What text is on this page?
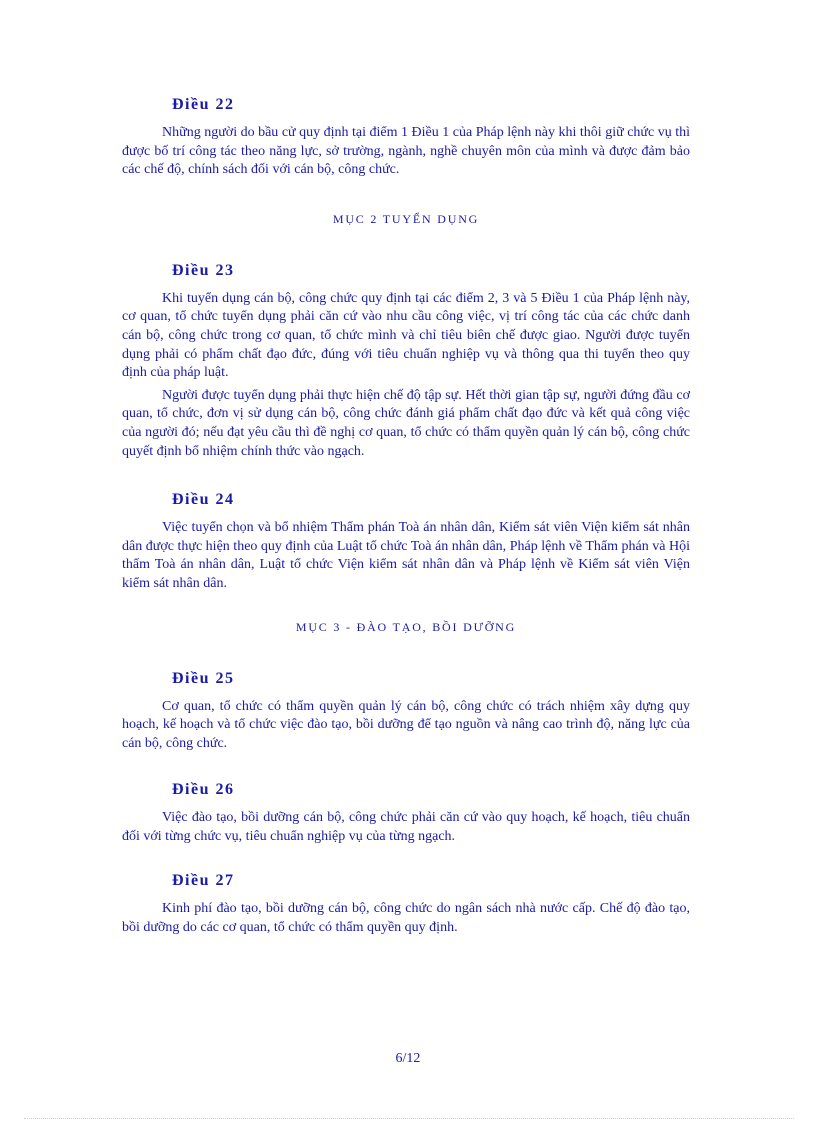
Điều 22

Những người do bầu cử quy định tại điểm 1 Điều 1 của Pháp lệnh này khi thôi giữ chức vụ thì được bố trí công tác theo năng lực, sở trường, ngành, nghề chuyên môn của mình và được đảm bảo các chế độ, chính sách đối với cán bộ, công chức.

MỤC 2 TUYỂN DỤNG
Điều 23

Khi tuyển dụng cán bộ, công chức quy định tại các điểm 2, 3 và 5 Điều 1 của Pháp lệnh này, cơ quan, tổ chức tuyển dụng phải căn cứ vào nhu cầu công việc, vị trí công tác của các chức danh cán bộ, công chức trong cơ quan, tổ chức mình và chỉ tiêu biên chế được giao. Người được tuyển dụng phải có phẩm chất đạo đức, đúng với tiêu chuẩn nghiệp vụ và thông qua thi tuyển theo quy định của pháp luật.

Người được tuyển dụng phải thực hiện chế độ tập sự. Hết thời gian tập sự, người đứng đầu cơ quan, tổ chức, đơn vị sử dụng cán bộ, công chức đánh giá phẩm chất đạo đức và kết quả công việc của người đó; nếu đạt yêu cầu thì đề nghị cơ quan, tổ chức có thẩm quyền quản lý cán bộ, công chức quyết định bổ nhiệm chính thức vào ngạch.

Điều 24

Việc tuyển chọn và bổ nhiệm Thẩm phán Toà án nhân dân, Kiểm sát viên Viện kiểm sát nhân dân được thực hiện theo quy định của Luật tổ chức Toà án nhân dân, Pháp lệnh về Thẩm phán và Hội thẩm Toà án nhân dân, Luật tổ chức Viện kiểm sát nhân dân và Pháp lệnh về Kiểm sát viên Viện kiểm sát nhân dân.

MỤC 3 - ĐÀO TẠO, BỒI DƯỠNG
Điều 25

Cơ quan, tổ chức có thẩm quyền quản lý cán bộ, công chức có trách nhiệm xây dựng quy hoạch, kế hoạch và tổ chức việc đào tạo, bồi dưỡng để tạo nguồn và nâng cao trình độ, năng lực của cán bộ, công chức.

Điều 26

Việc đào tạo, bồi dưỡng cán bộ, công chức phải căn cứ vào quy hoạch, kế hoạch, tiêu chuẩn đối với từng chức vụ, tiêu chuẩn nghiệp vụ của từng ngạch.

Điều 27

Kinh phí đào tạo, bồi dưỡng cán bộ, công chức do ngân sách nhà nước cấp. Chế độ đào tạo, bồi dưỡng do các cơ quan, tổ chức có thẩm quyền quy định.

6/12
